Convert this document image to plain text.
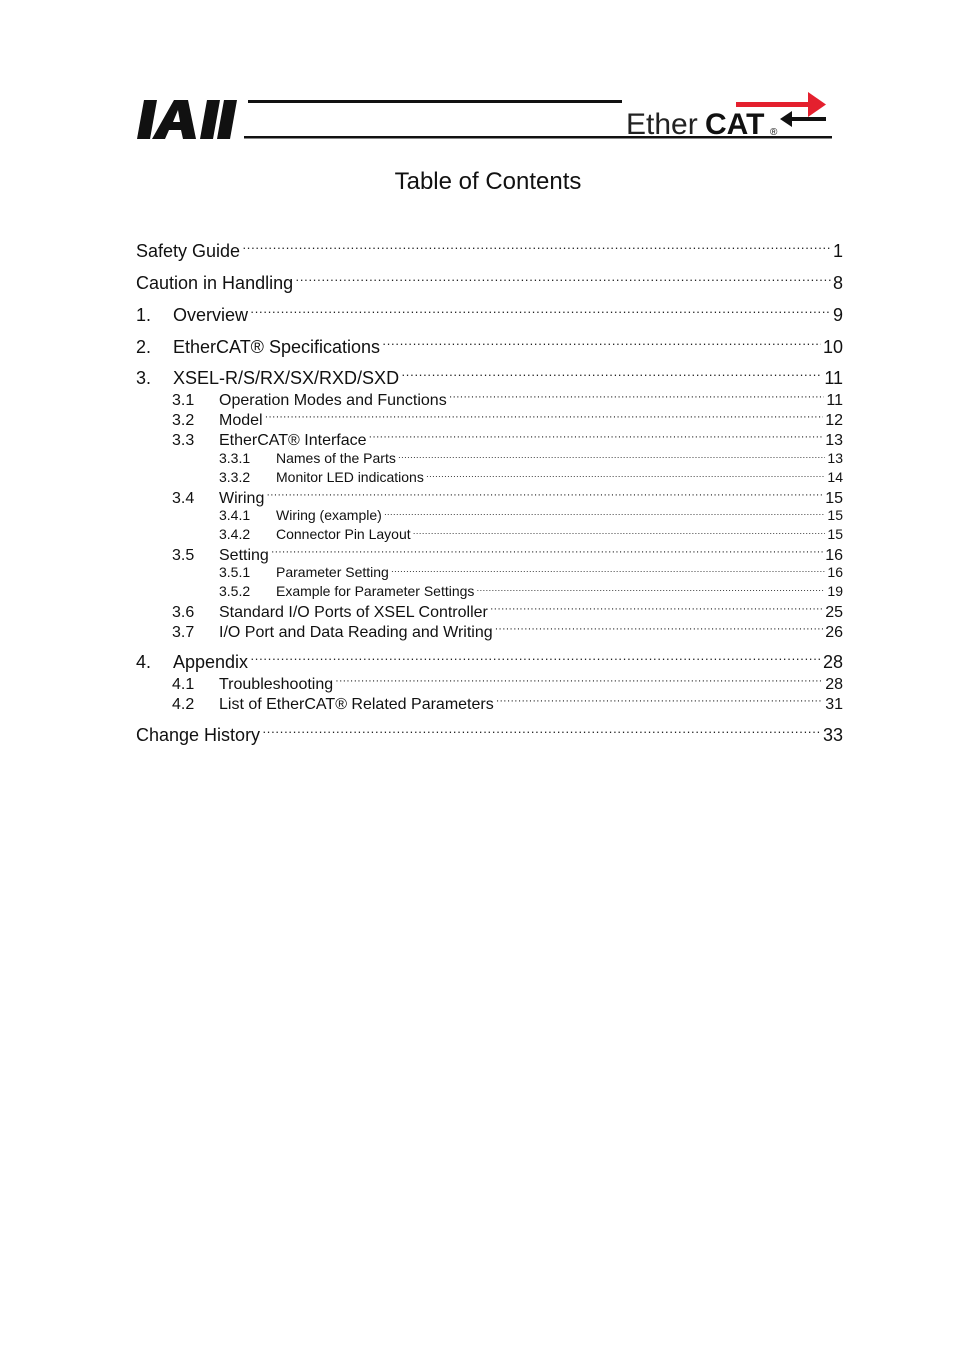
Ether CAT ®
Table of Contents
Safety Guide ·····	1
Caution in Handling ·····	8
1.	Overview ·····	9
2.	EtherCAT® Specifications ·····	10
3.	XSEL-R/S/RX/SX/RXD/SXD ·····	11
3.1	Operation Modes and Functions ·····	11
3.2	Model ·····	12
3.3	EtherCAT® Interface ·····	13
3.3.1	Names of the Parts ·····	13
3.3.2	Monitor LED indications ·····	14
3.4	Wiring ·····	15
3.4.1	Wiring (example) ·····	15
3.4.2	Connector Pin Layout ·····	15
3.5	Setting ·····	16
3.5.1	Parameter Setting ·····	16
3.5.2	Example for Parameter Settings ·····	19
3.6	Standard I/O Ports of XSEL Controller ·····	25
3.7	I/O Port and Data Reading and Writing ·····	26
4.	Appendix ·····	28
4.1	Troubleshooting ·····	28
4.2	List of EtherCAT® Related Parameters ·····	31
Change History ·····	33
